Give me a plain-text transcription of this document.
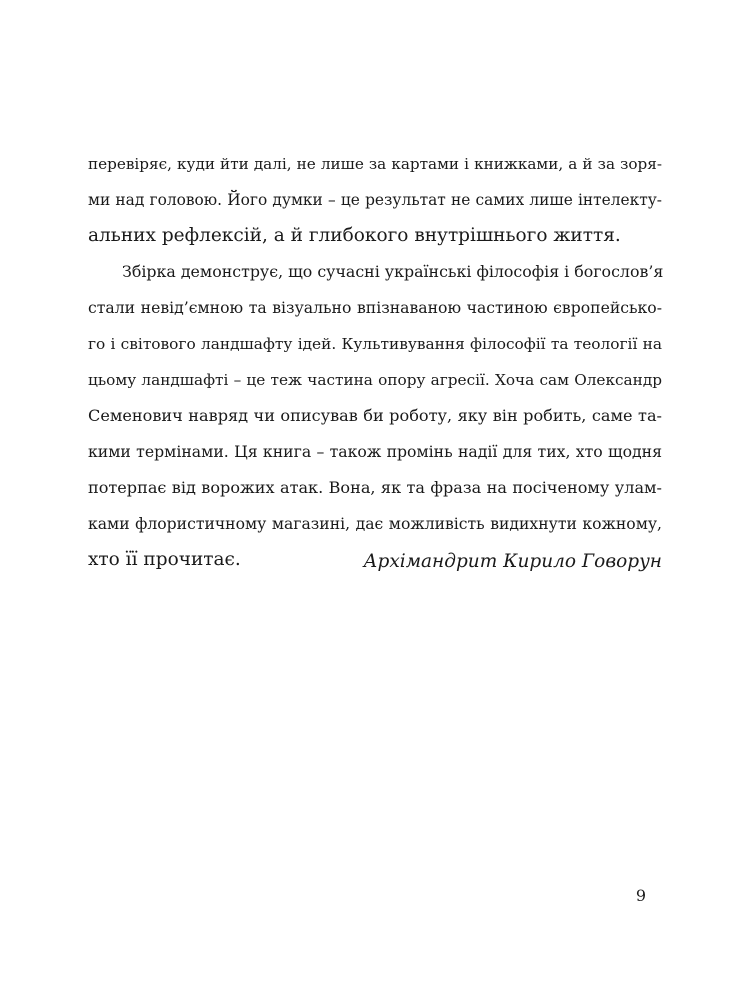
перевіряє, куди йти далі, не лише за картами і книжками, а й за зоря-
ми над головою. Його думки – це результат не самих лише інтелекту-
альних рефлексій, а й глибокого внутрішнього життя.
Збірка демонструє, що сучасні українські філософія і богослов’я
стали невід’ємною та візуально впізнаваною частиною європейсько-
го і світового ландшафту ідей. Культивування філософії та теології на
цьому ландшафті – це теж частина опору агресії. Хоча сам Олександр
Семенович навряд чи описував би роботу, яку він робить, саме та-
кими термінами. Ця книга – також промінь надії для тих, хто щодня
потерпає від ворожих атак. Вона, як та фраза на посіченому улам-
ками флористичному магазині, дає можливість видихнути кожному,
хто її прочитає.	Архімандрит Кирило Говорун
9
